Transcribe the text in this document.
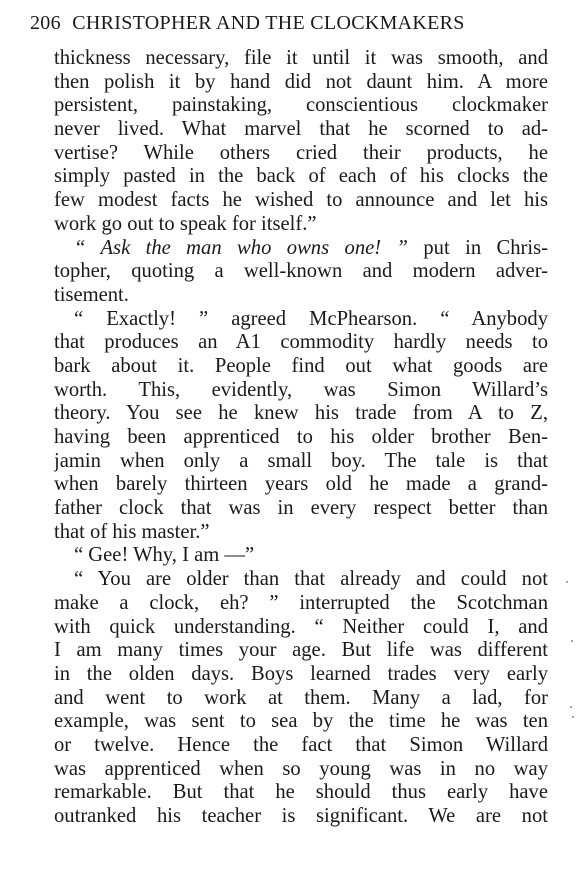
206 CHRISTOPHER AND THE CLOCKMAKERS
thickness necessary, file it until it was smooth, and
then polish it by hand did not daunt him. A more
persistent, painstaking, conscientious clockmaker
never lived. What marvel that he scorned to ad-
vertise? While others cried their products, he
simply pasted in the back of each of his clocks the
few modest facts he wished to announce and let his
work go out to speak for itself.”
“ Ask the man who owns one! ” put in Chris-
topher, quoting a well-known and modern adver-
tisement.
“ Exactly! ” agreed McPhearson. “ Anybody
that produces an A1 commodity hardly needs to
bark about it. People find out what goods are
worth. This, evidently, was Simon Willard’s
theory. You see he knew his trade from A to Z,
having been apprenticed to his older brother Ben-
jamin when only a small boy. The tale is that
when barely thirteen years old he made a grand-
father clock that was in every respect better than
that of his master.”
“ Gee! Why, I am —”
“ You are older than that already and could not
make a clock, eh? ” interrupted the Scotchman
with quick understanding. “ Neither could I, and
I am many times your age. But life was different
in the olden days. Boys learned trades very early
and went to work at them. Many a lad, for
example, was sent to sea by the time he was ten
or twelve. Hence the fact that Simon Willard
was apprenticed when so young was in no way
remarkable. But that he should thus early have
outranked his teacher is significant. We are not
